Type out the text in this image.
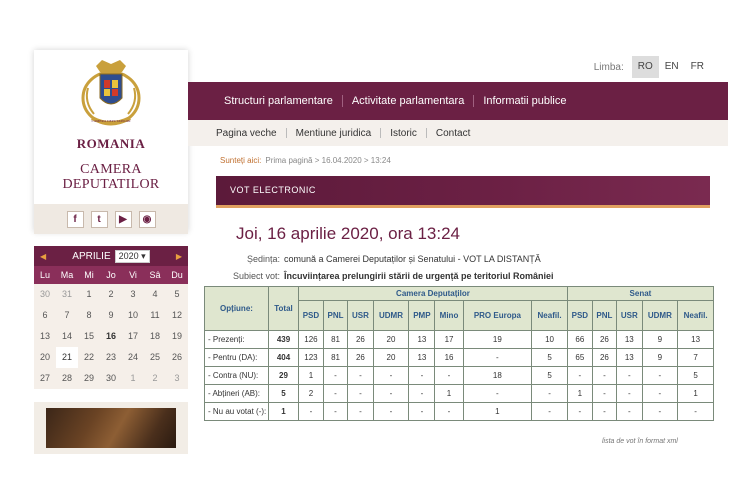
CAMERA DEPUTATILOR
ROMANIA
CAMERA
DEPUTATILOR
f	t	▶	◉
Limba:	RO	EN	FR
Structuri parlamentare Activitate parlamentara Informatii publice
Pagina veche Mentiune juridica Istoric Contact
Sunteți aici: Prima pagină > 16.04.2020 > 13:24
◀	APRILIE 2020 ▾	▶
Lu	Ma	Mi	Jo	Vi	Sâ	Du
30	31	1	2	3	4	5
6	7	8	9	10	11	12
13	14	15	16	17	18	19
20	21	22	23	24	25	26
27	28	29	30	1	2	3
VOT ELECTRONIC
Joi, 16 aprilie 2020, ora 13:24
Ședința: comună a Camerei Deputaților și Senatului - VOT LA DISTANȚĂ
Subiect vot: Încuviințarea prelungirii stării de urgență pe teritoriul României
Opțiune:	Total	Camera Deputaților								Senat				
		PSD	PNL	USR	UDMR	PMP	Mino	PRO Europa	Neafil.	PSD	PNL	USR	UDMR	Neafil.
- Prezenți:	439	126	81	26	20	13	17	19	10	66	26	13	9	13
- Pentru (DA):	404	123	81	26	20	13	16	-	5	65	26	13	9	7
- Contra (NU):	29	1	-	-	-	-	-	18	5	-	-	-	-	5
- Abțineri (AB):	5	2	-	-	-	-	1	-	-	1	-	-	-	1
- Nu au votat (-):	1	-	-	-	-	-	-	1	-	-	-	-	-	-
lista de vot în format xml
